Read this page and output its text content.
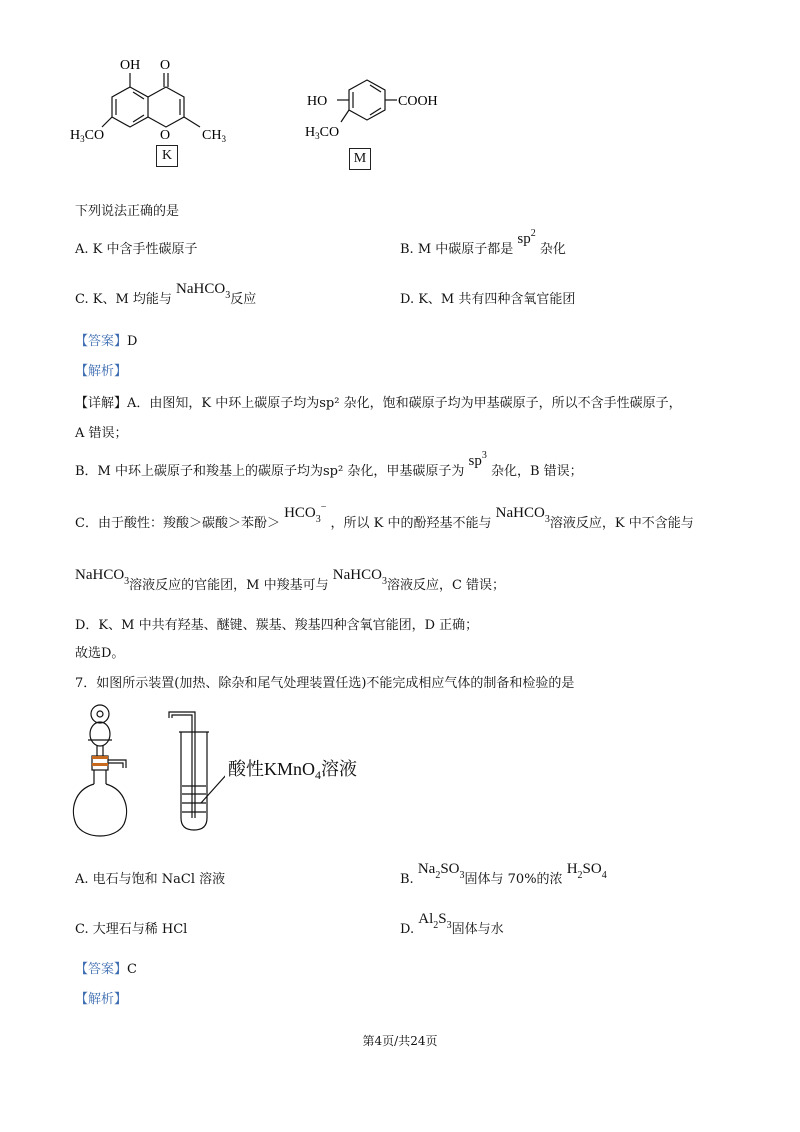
OH O
O
$H_3CO$	$CH_3$
K
HO	COOH
$H_3CO$
M
下列说法正确的是
A. K 中含手性碳原子	B. M 中碳原子都是 $sp^2$ 杂化
C. K、M 均能与 NaHCO$_3$反应	D. K、M 共有四种含氧官能团
【答案】D
【解析】
【详解】A．由图知，K 中环上碳原子均为sp² 杂化，饱和碳原子均为甲基碳原子，所以不含手性碳原子，
A 错误；
B．M 中环上碳原子和羧基上的碳原子均为sp² 杂化，甲基碳原子为 $sp^3$ 杂化，B 错误；
C．由于酸性：羧酸＞碳酸＞苯酚＞ $HCO_3^-$ ，所以 K 中的酚羟基不能与 NaHCO$_3$溶液反应，K 中不含能与
NaHCO$_3$溶液反应的官能团，M 中羧基可与 NaHCO$_3$溶液反应，C 错误；
D．K、M 中共有羟基、醚键、羰基、羧基四种含氧官能团，D 正确；
故选D。
7．如图所示装置(加热、除杂和尾气处理装置任选)不能完成相应气体的制备和检验的是
酸性KMnO$_4$溶液
A. 电石与饱和 NaCl 溶液	B. $Na_2SO_3$固体与 70%的浓 $H_2SO_4$
C. 大理石与稀 HCl	D. $Al_2S_3$固体与水
【答案】C
【解析】
第4页/共24页
